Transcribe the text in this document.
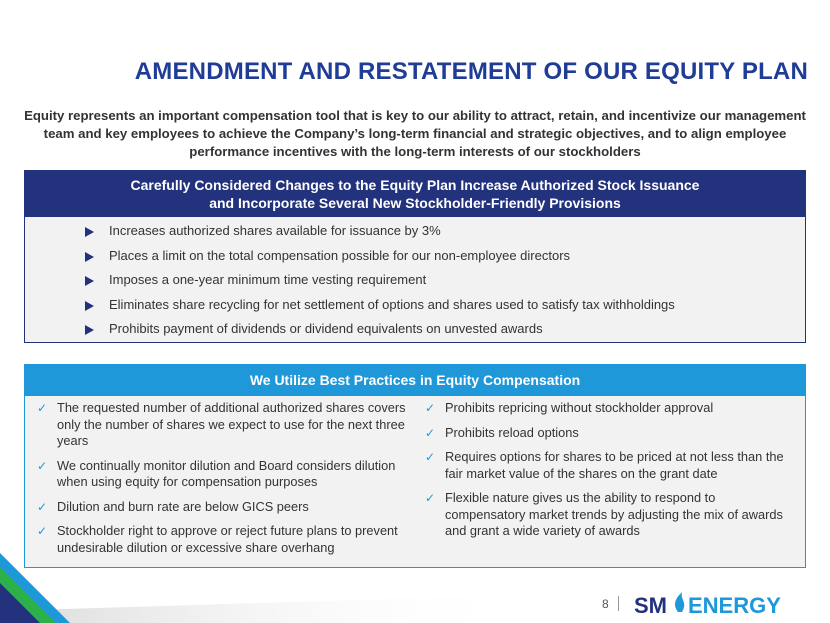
AMENDMENT AND RESTATEMENT OF OUR EQUITY PLAN
Equity represents an important compensation tool that is key to our ability to attract, retain, and incentivize our management team and key employees to achieve the Company’s long-term financial and strategic objectives, and to align employee performance incentives with the long-term interests of our stockholders
Carefully Considered Changes to the Equity Plan Increase Authorized Stock Issuance
and Incorporate Several New Stockholder-Friendly Provisions
Increases authorized shares available for issuance by 3%
Places a limit on the total compensation possible for our non-employee directors
Imposes a one-year minimum time vesting requirement
Eliminates share recycling for net settlement of options and shares used to satisfy tax withholdings
Prohibits payment of dividends or dividend equivalents on unvested awards
We Utilize Best Practices in Equity Compensation
✓ The requested number of additional authorized shares covers only the number of shares we expect to use for the next three years
✓ We continually monitor dilution and Board considers dilution when using equity for compensation purposes
✓ Dilution and burn rate are below GICS peers
✓ Stockholder right to approve or reject future plans to prevent undesirable dilution or excessive share overhang
✓ Prohibits repricing without stockholder approval
✓ Prohibits reload options
✓ Requires options for shares to be priced at not less than the fair market value of the shares on the grant date
✓ Flexible nature gives us the ability to respond to compensatory market trends by adjusting the mix of awards and grant a wide variety of awards
8 SM ENERGY
